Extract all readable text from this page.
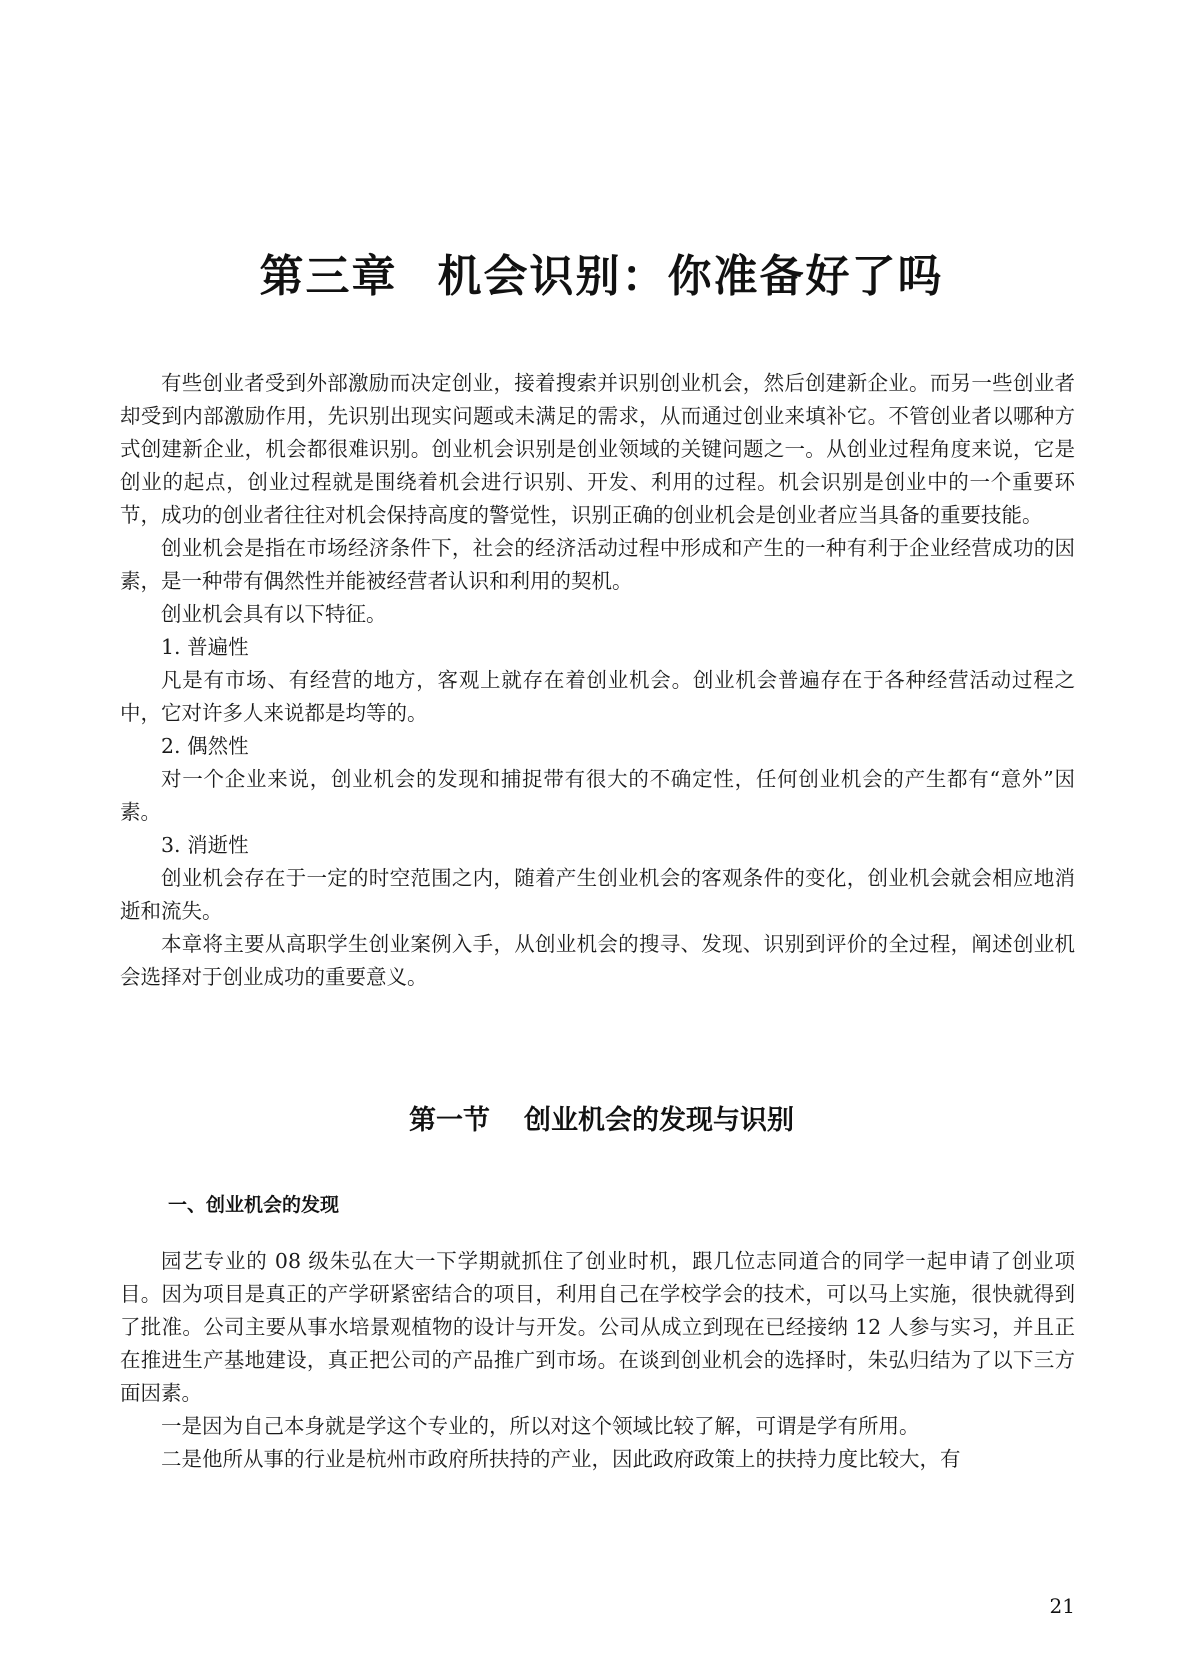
第三章 机会识别：你准备好了吗

有些创业者受到外部激励而决定创业，接着搜索并识别创业机会，然后创建新企业。而另一些创业者却受到内部激励作用，先识别出现实问题或未满足的需求，从而通过创业来填补它。不管创业者以哪种方式创建新企业，机会都很难识别。创业机会识别是创业领域的关键问题之一。从创业过程角度来说，它是创业的起点，创业过程就是围绕着机会进行识别、开发、利用的过程。机会识别是创业中的一个重要环节，成功的创业者往往对机会保持高度的警觉性，识别正确的创业机会是创业者应当具备的重要技能。

创业机会是指在市场经济条件下，社会的经济活动过程中形成和产生的一种有利于企业经营成功的因素，是一种带有偶然性并能被经营者认识和利用的契机。

创业机会具有以下特征。

1. 普遍性

凡是有市场、有经营的地方，客观上就存在着创业机会。创业机会普遍存在于各种经营活动过程之中，它对许多人来说都是均等的。

2. 偶然性

对一个企业来说，创业机会的发现和捕捉带有很大的不确定性，任何创业机会的产生都有“意外”因素。

3. 消逝性

创业机会存在于一定的时空范围之内，随着产生创业机会的客观条件的变化，创业机会就会相应地消逝和流失。

本章将主要从高职学生创业案例入手，从创业机会的搜寻、发现、识别到评价的全过程，阐述创业机会选择对于创业成功的重要意义。

第一节 创业机会的发现与识别
一、创业机会的发现

园艺专业的 08 级朱弘在大一下学期就抓住了创业时机，跟几位志同道合的同学一起申请了创业项目。因为项目是真正的产学研紧密结合的项目，利用自己在学校学会的技术，可以马上实施，很快就得到了批准。公司主要从事水培景观植物的设计与开发。公司从成立到现在已经接纳 12 人参与实习，并且正在推进生产基地建设，真正把公司的产品推广到市场。在谈到创业机会的选择时，朱弘归结为了以下三方面因素。

一是因为自己本身就是学这个专业的，所以对这个领域比较了解，可谓是学有所用。

二是他所从事的行业是杭州市政府所扶持的产业，因此政府政策上的扶持力度比较大，有

21
